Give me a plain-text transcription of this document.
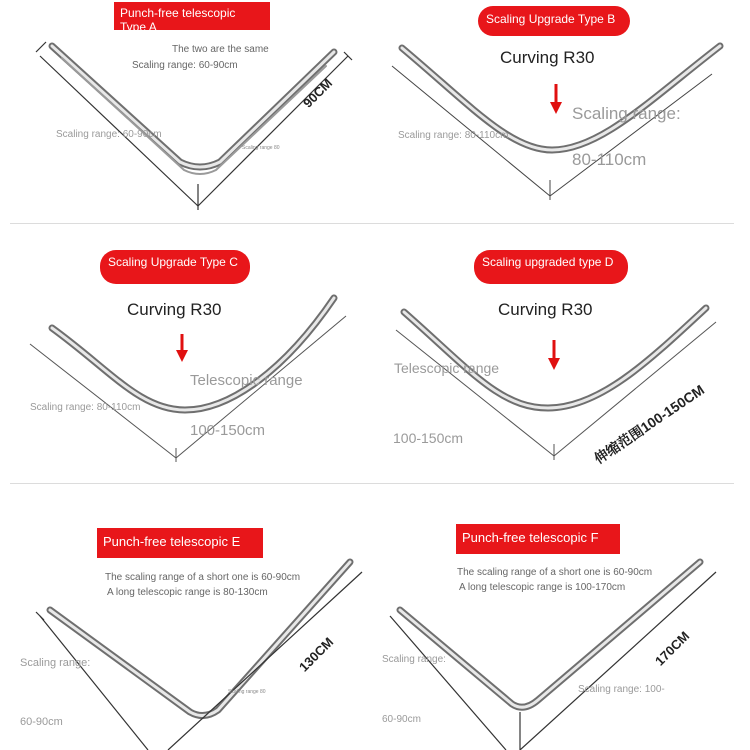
Punch-free telescopic Type A
The two are the same
Scaling range: 60-90cm
Scaling range: 60-90cm
Scaling range 80
90CM
Scaling Upgrade Type B
Curving R30
Scaling range: 80-110cm
Scaling range:
80-110cm
Scaling Upgrade Type C
Curving R30
Scaling range: 80-110cm
Telescopic range
100-150cm
Scaling upgraded type D
Curving R30
Telescopic range
100-150cm	伸缩范围100-150CM
Punch-free telescopic E
The scaling range of a short one is 60-90cm
A long telescopic range is 80-130cm
Scaling range:
60-90cm
Scaling range 80
130CM
Punch-free telescopic F
The scaling range of a short one is 60-90cm
A long telescopic range is 100-170cm
Scaling range:
60-90cm
Scaling range: 100-
170CM
